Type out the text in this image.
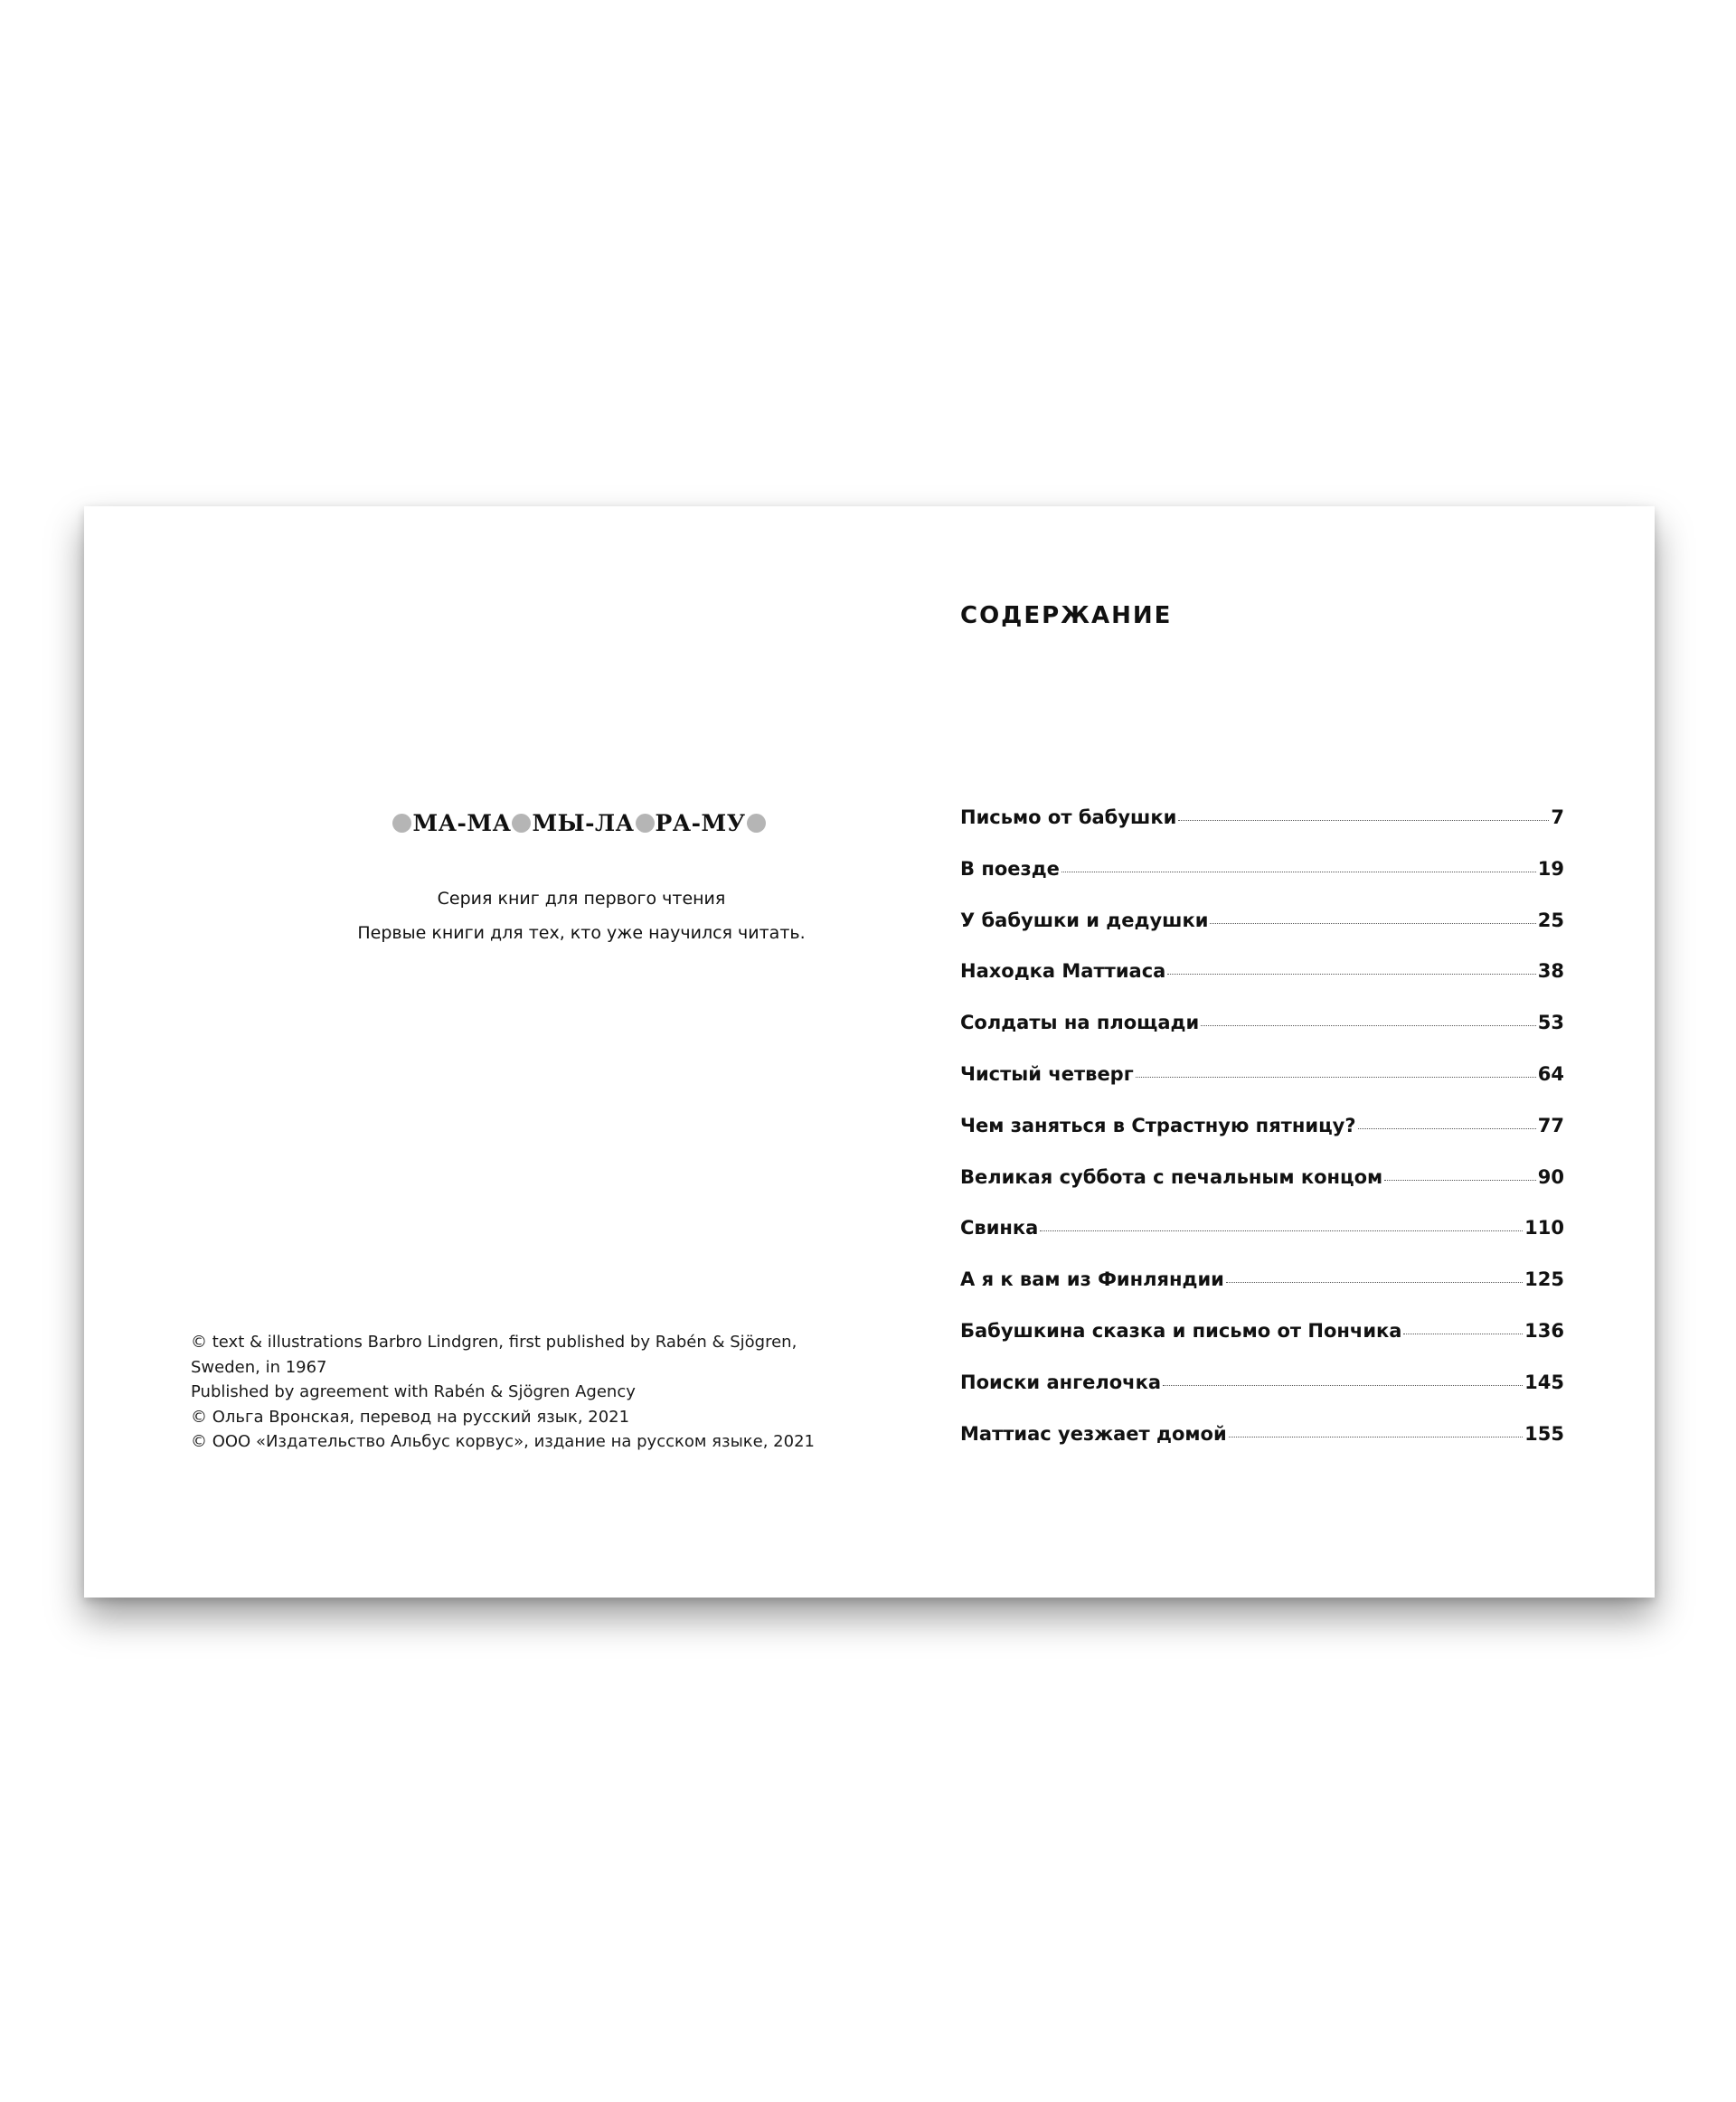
МА-МА МЫ-ЛА РА-МУ
Серия книг для первого чтения
Первые книги для тех, кто уже научился читать.
© text & illustrations Barbro Lindgren, first published by Rabén & Sjögren,
Sweden, in 1967
Published by agreement with Rabén & Sjögren Agency
© Ольга Вронская, перевод на русский язык, 2021
© ООО «Издательство Альбус корвус», издание на русском языке, 2021
СОДЕРЖАНИЕ
Письмо от бабушки	7
В поезде	19
У бабушки и дедушки	25
Находка Маттиаса	38
Солдаты на площади	53
Чистый четверг	64
Чем заняться в Страстную пятницу?	77
Великая суббота с печальным концом	90
Свинка	110
А я к вам из Финляндии	125
Бабушкина сказка и письмо от Пончика	136
Поиски ангелочка	145
Маттиас уезжает домой	155
